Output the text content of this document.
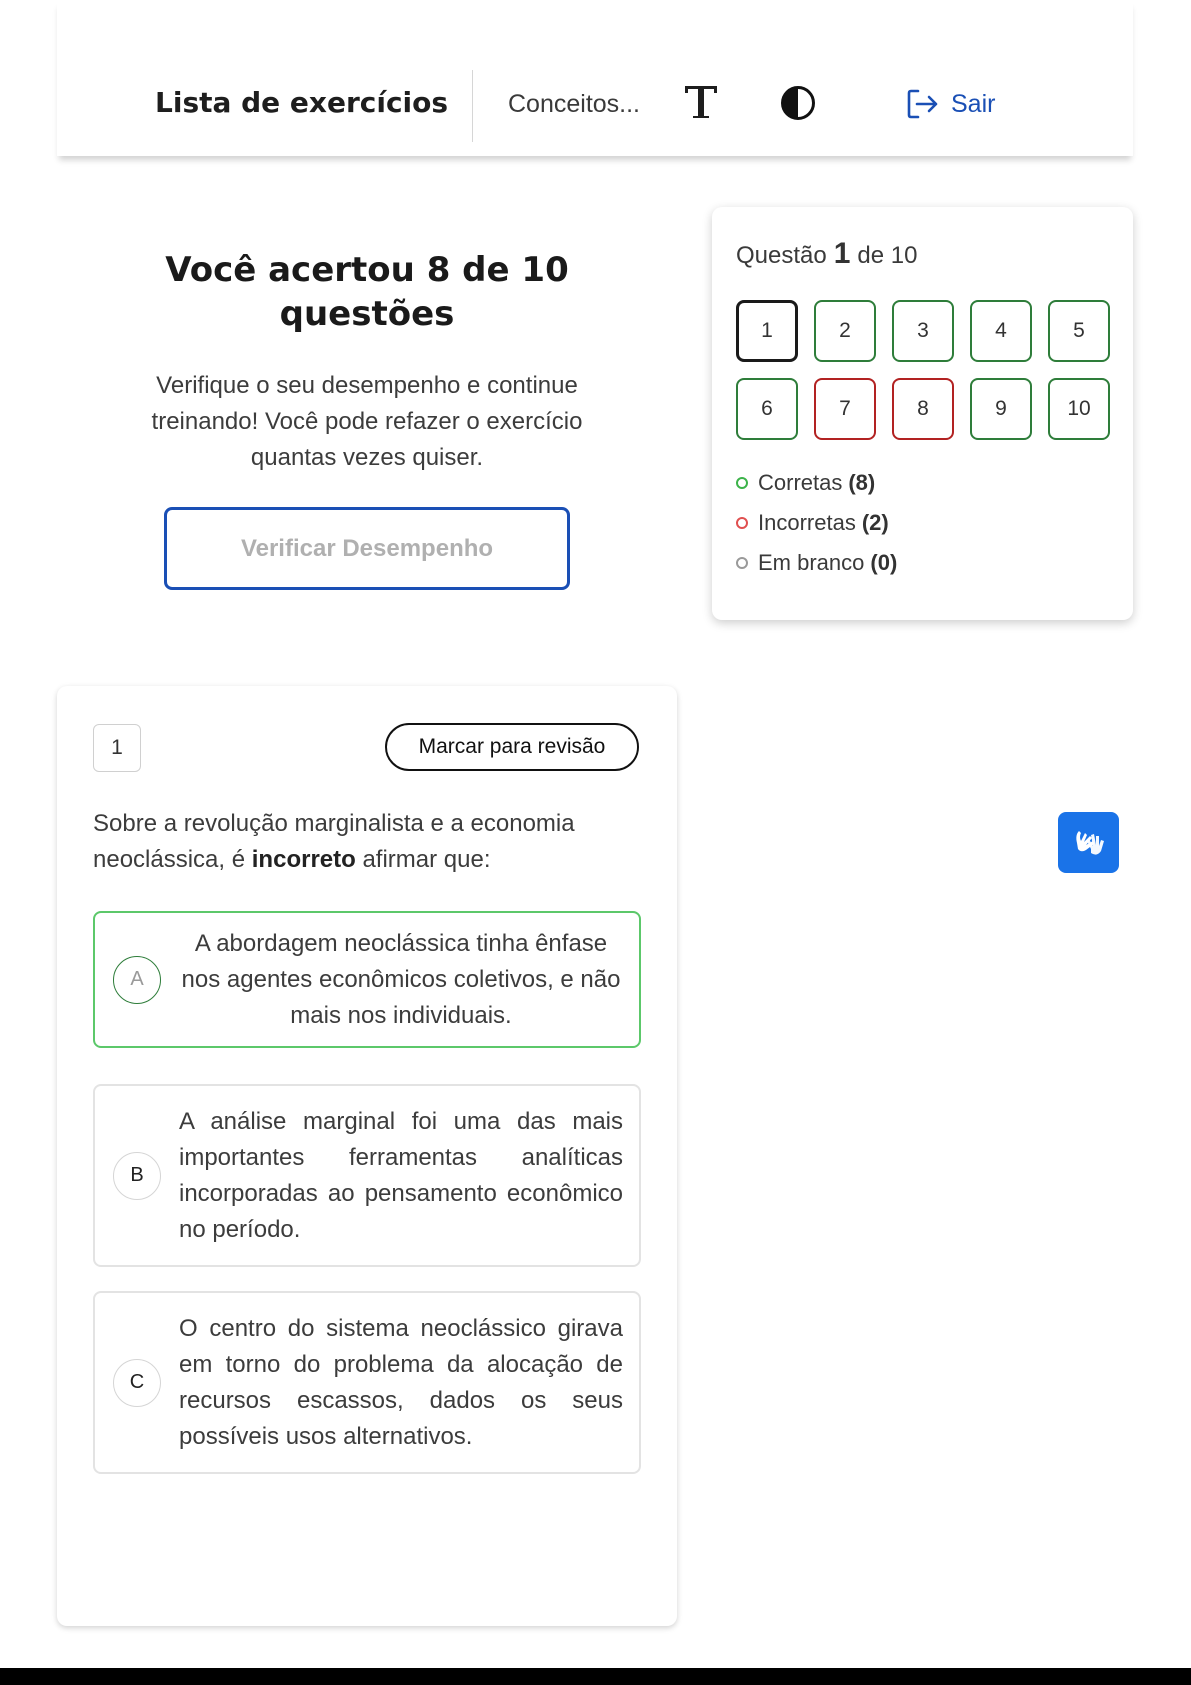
Lista de exercícios Conceitos...	Sair
Você acertou 8 de 10 questões
Verifique o seu desempenho e continue treinando! Você pode refazer o exercício quantas vezes quiser.
Verificar Desempenho
Questão 1 de 10
1	2	3	4	5
6	7	8	9	10
Corretas (8)
Incorretas (2)
Em branco (0)
1	Marcar para revisão
Sobre a revolução marginalista e a economia neoclássica, é incorreto afirmar que:
A
A abordagem neoclássica tinha ênfase nos agentes econômicos coletivos, e não mais nos individuais.
B
A análise marginal foi uma das mais importantes ferramentas analíticas incorporadas ao pensamento econômico no período.
C
O centro do sistema neoclássico girava em torno do problema da alocação de recursos escassos, dados os seus possíveis usos alternativos.
